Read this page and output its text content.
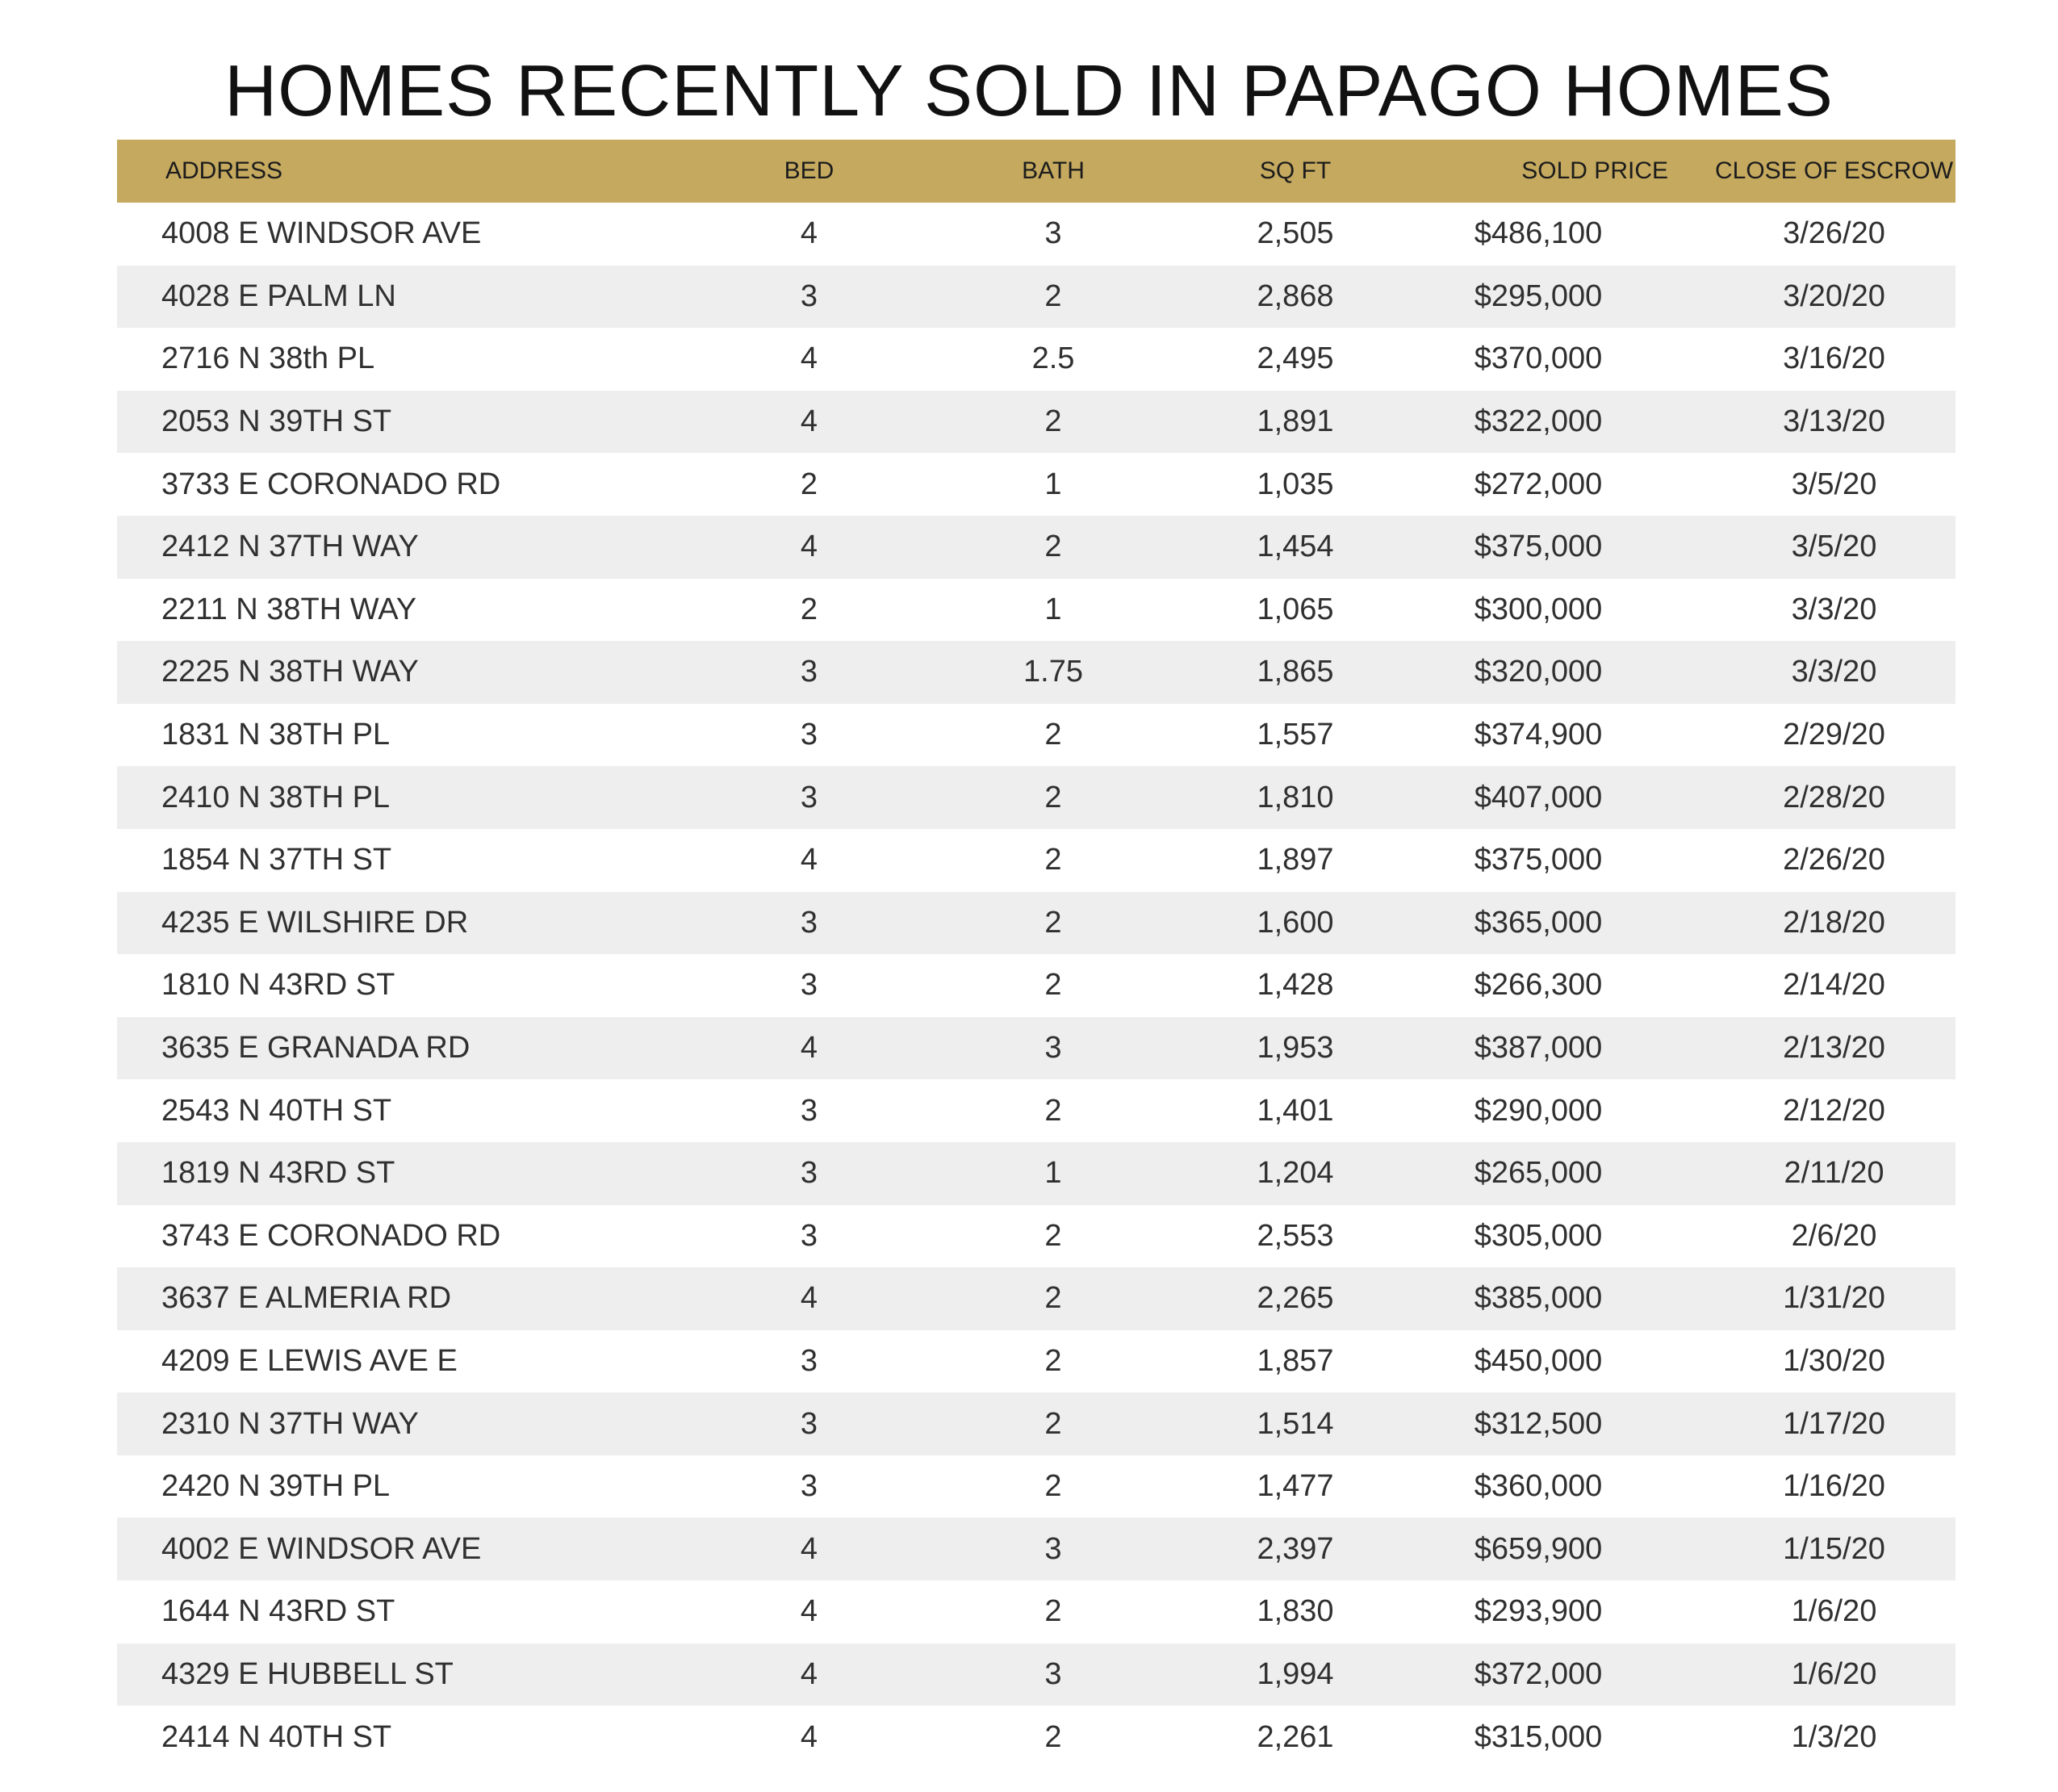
HOMES RECENTLY SOLD IN PAPAGO HOMES
ADDRESS	BED	BATH	SQ FT	SOLD PRICE	CLOSE OF ESCROW
4008 E WINDSOR AVE	4	3	2,505	$486,100	3/26/20
4028 E PALM LN	3	2	2,868	$295,000	3/20/20
2716 N 38th PL	4	2.5	2,495	$370,000	3/16/20
2053 N 39TH ST	4	2	1,891	$322,000	3/13/20
3733 E CORONADO RD	2	1	1,035	$272,000	3/5/20
2412 N 37TH WAY	4	2	1,454	$375,000	3/5/20
2211 N 38TH WAY	2	1	1,065	$300,000	3/3/20
2225 N 38TH WAY	3	1.75	1,865	$320,000	3/3/20
1831 N 38TH PL	3	2	1,557	$374,900	2/29/20
2410 N 38TH PL	3	2	1,810	$407,000	2/28/20
1854 N 37TH ST	4	2	1,897	$375,000	2/26/20
4235 E WILSHIRE DR	3	2	1,600	$365,000	2/18/20
1810 N 43RD ST	3	2	1,428	$266,300	2/14/20
3635 E GRANADA RD	4	3	1,953	$387,000	2/13/20
2543 N 40TH ST	3	2	1,401	$290,000	2/12/20
1819 N 43RD ST	3	1	1,204	$265,000	2/11/20
3743 E CORONADO RD	3	2	2,553	$305,000	2/6/20
3637 E ALMERIA RD	4	2	2,265	$385,000	1/31/20
4209 E LEWIS AVE E	3	2	1,857	$450,000	1/30/20
2310 N 37TH WAY	3	2	1,514	$312,500	1/17/20
2420 N 39TH PL	3	2	1,477	$360,000	1/16/20
4002 E WINDSOR AVE	4	3	2,397	$659,900	1/15/20
1644 N 43RD ST	4	2	1,830	$293,900	1/6/20
4329 E HUBBELL ST	4	3	1,994	$372,000	1/6/20
2414 N 40TH ST	4	2	2,261	$315,000	1/3/20
